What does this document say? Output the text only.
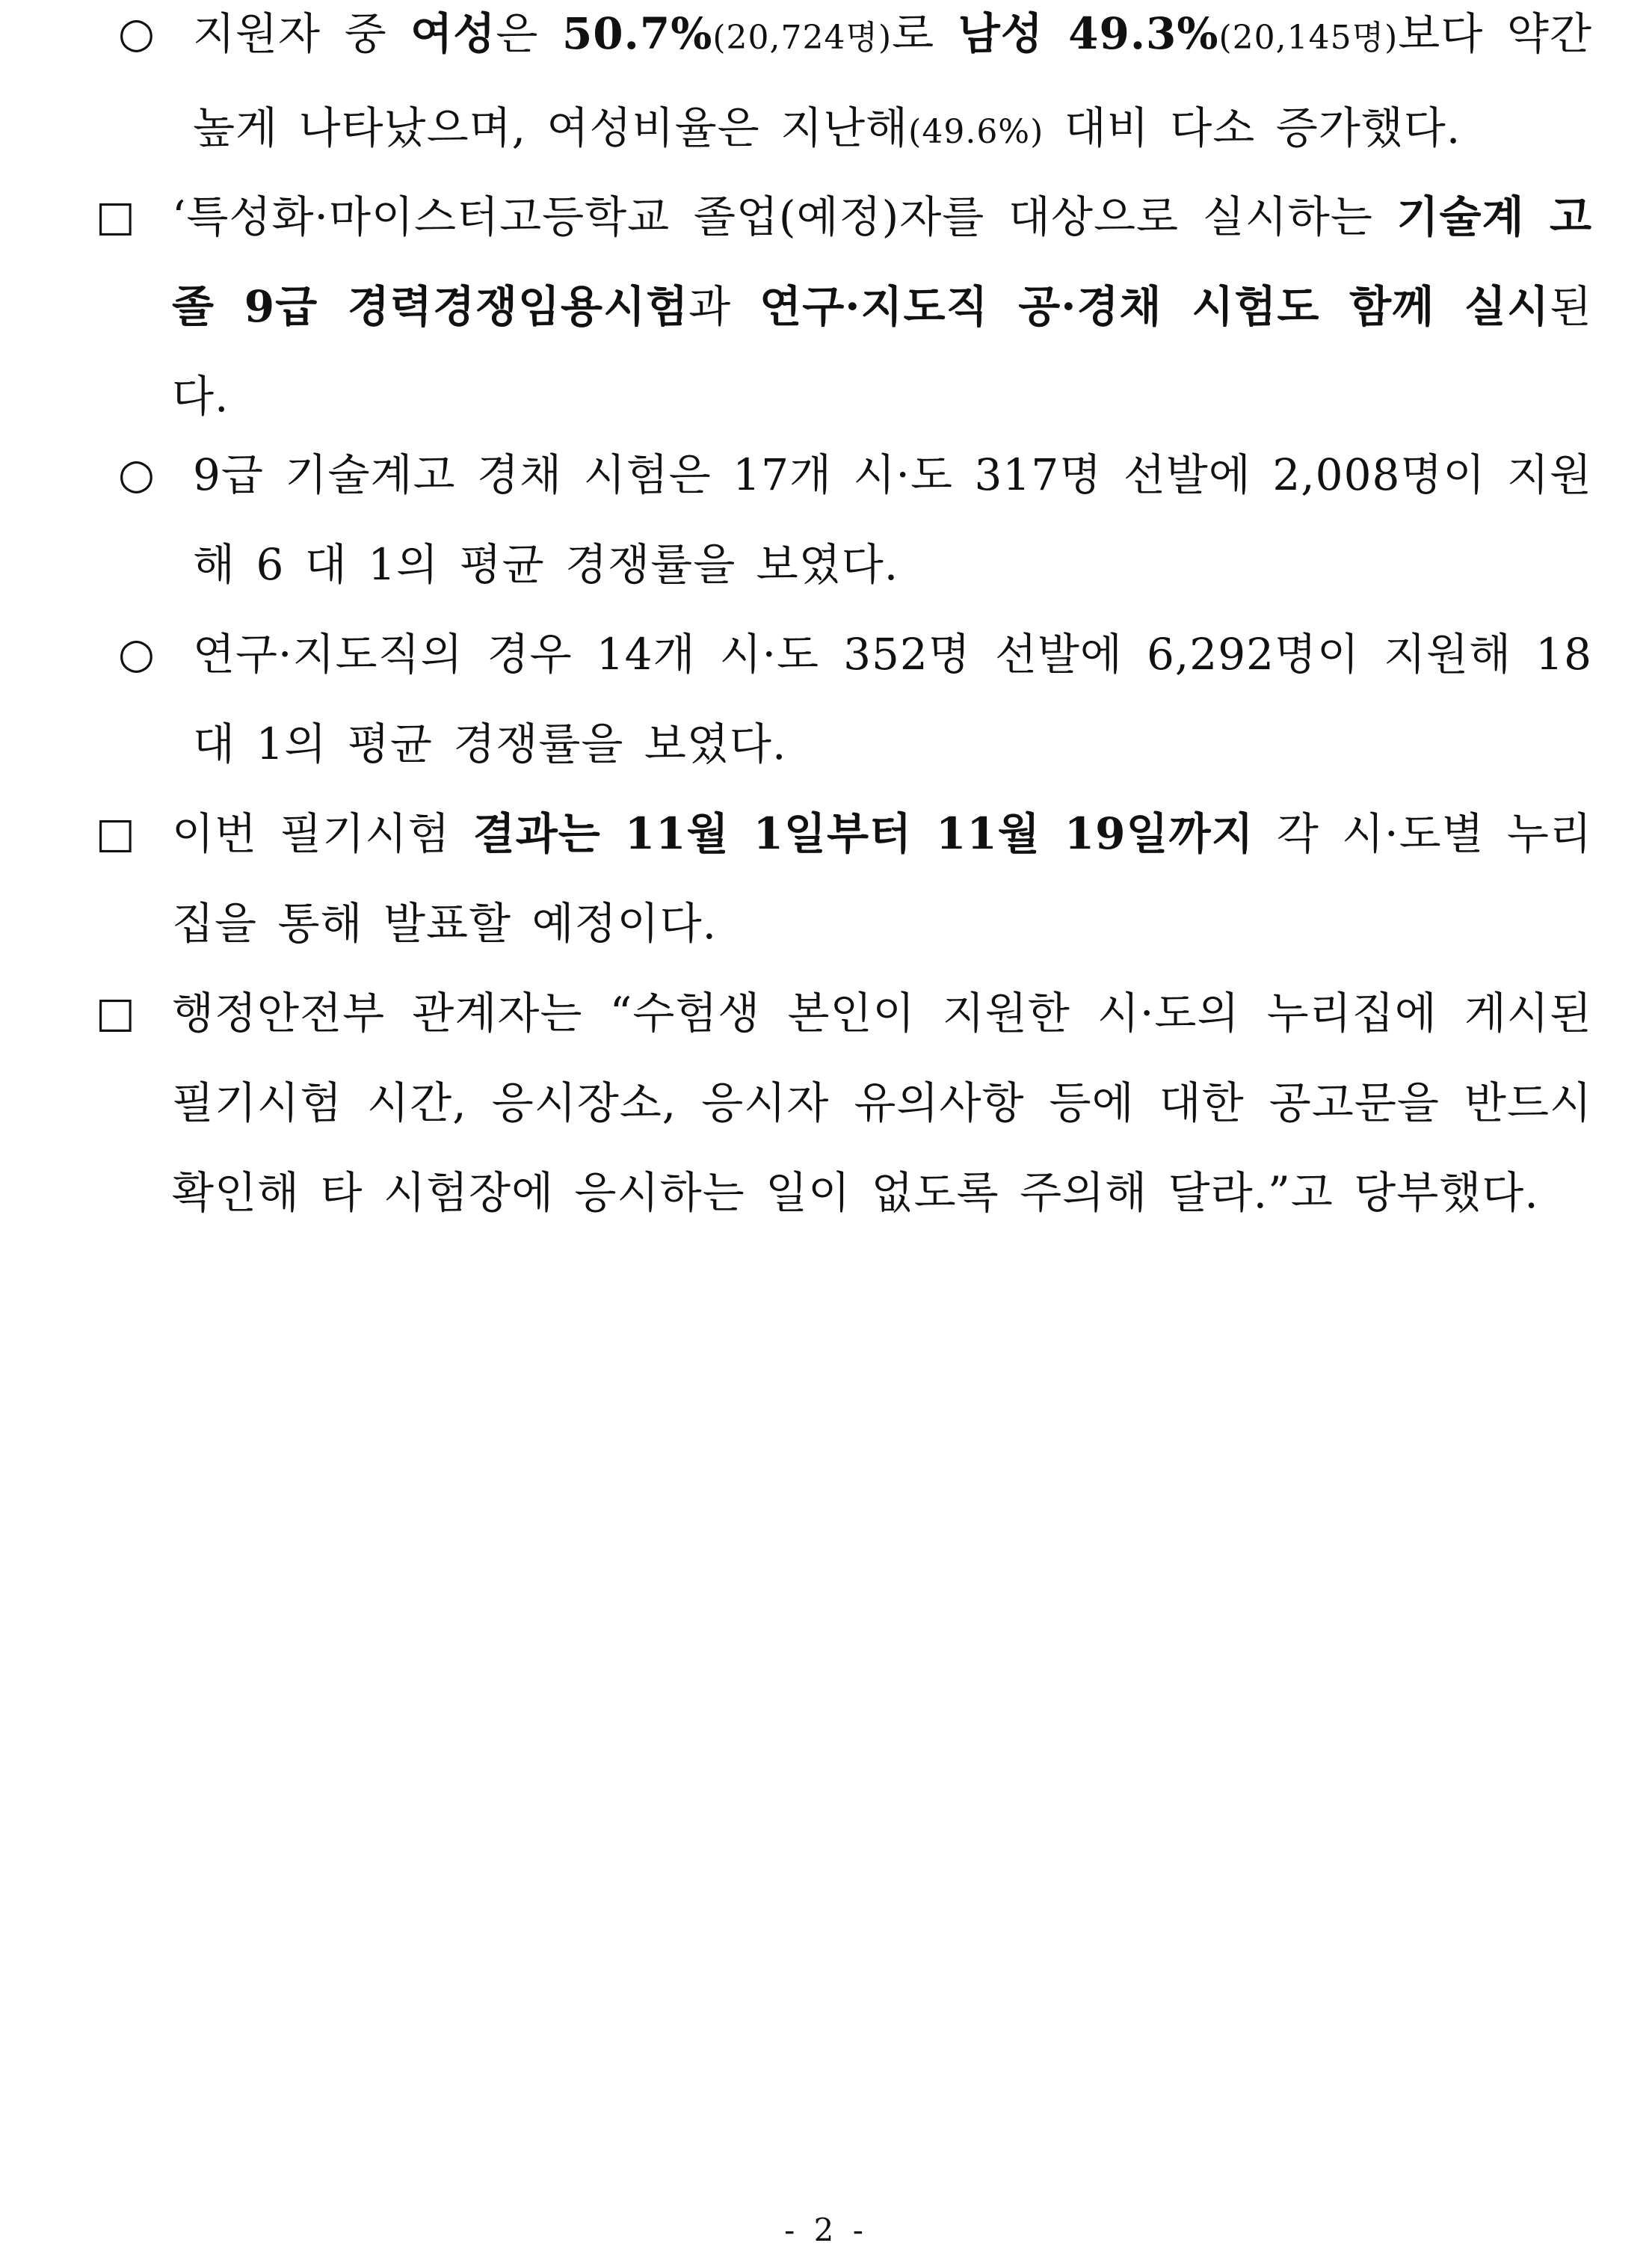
○ 지원자 중 여성은 50.7%(20,724명)로 남성 49.3%(20,145명)보다 약간 높게 나타났으며, 여성비율은 지난해(49.6%) 대비 다소 증가했다.
□ ‘특성화·마이스터고등학교 졸업(예정)자를 대상으로 실시하는 기술계 고졸 9급 경력경쟁임용시험과 연구·지도직 공·경채 시험도 함께 실시된다.
○ 9급 기술계고 경채 시험은 17개 시·도 317명 선발에 2,008명이 지원해 6 대 1의 평균 경쟁률을 보였다.
○ 연구·지도직의 경우 14개 시·도 352명 선발에 6,292명이 지원해 18 대 1의 평균 경쟁률을 보였다.
□ 이번 필기시험 결과는 11월 1일부터 11월 19일까지 각 시·도별 누리집을 통해 발표할 예정이다.
□ 행정안전부 관계자는 “수험생 본인이 지원한 시·도의 누리집에 게시된 필기시험 시간, 응시장소, 응시자 유의사항 등에 대한 공고문을 반드시 확인해 타 시험장에 응시하는 일이 없도록 주의해 달라.”고 당부했다.
- 2 -
